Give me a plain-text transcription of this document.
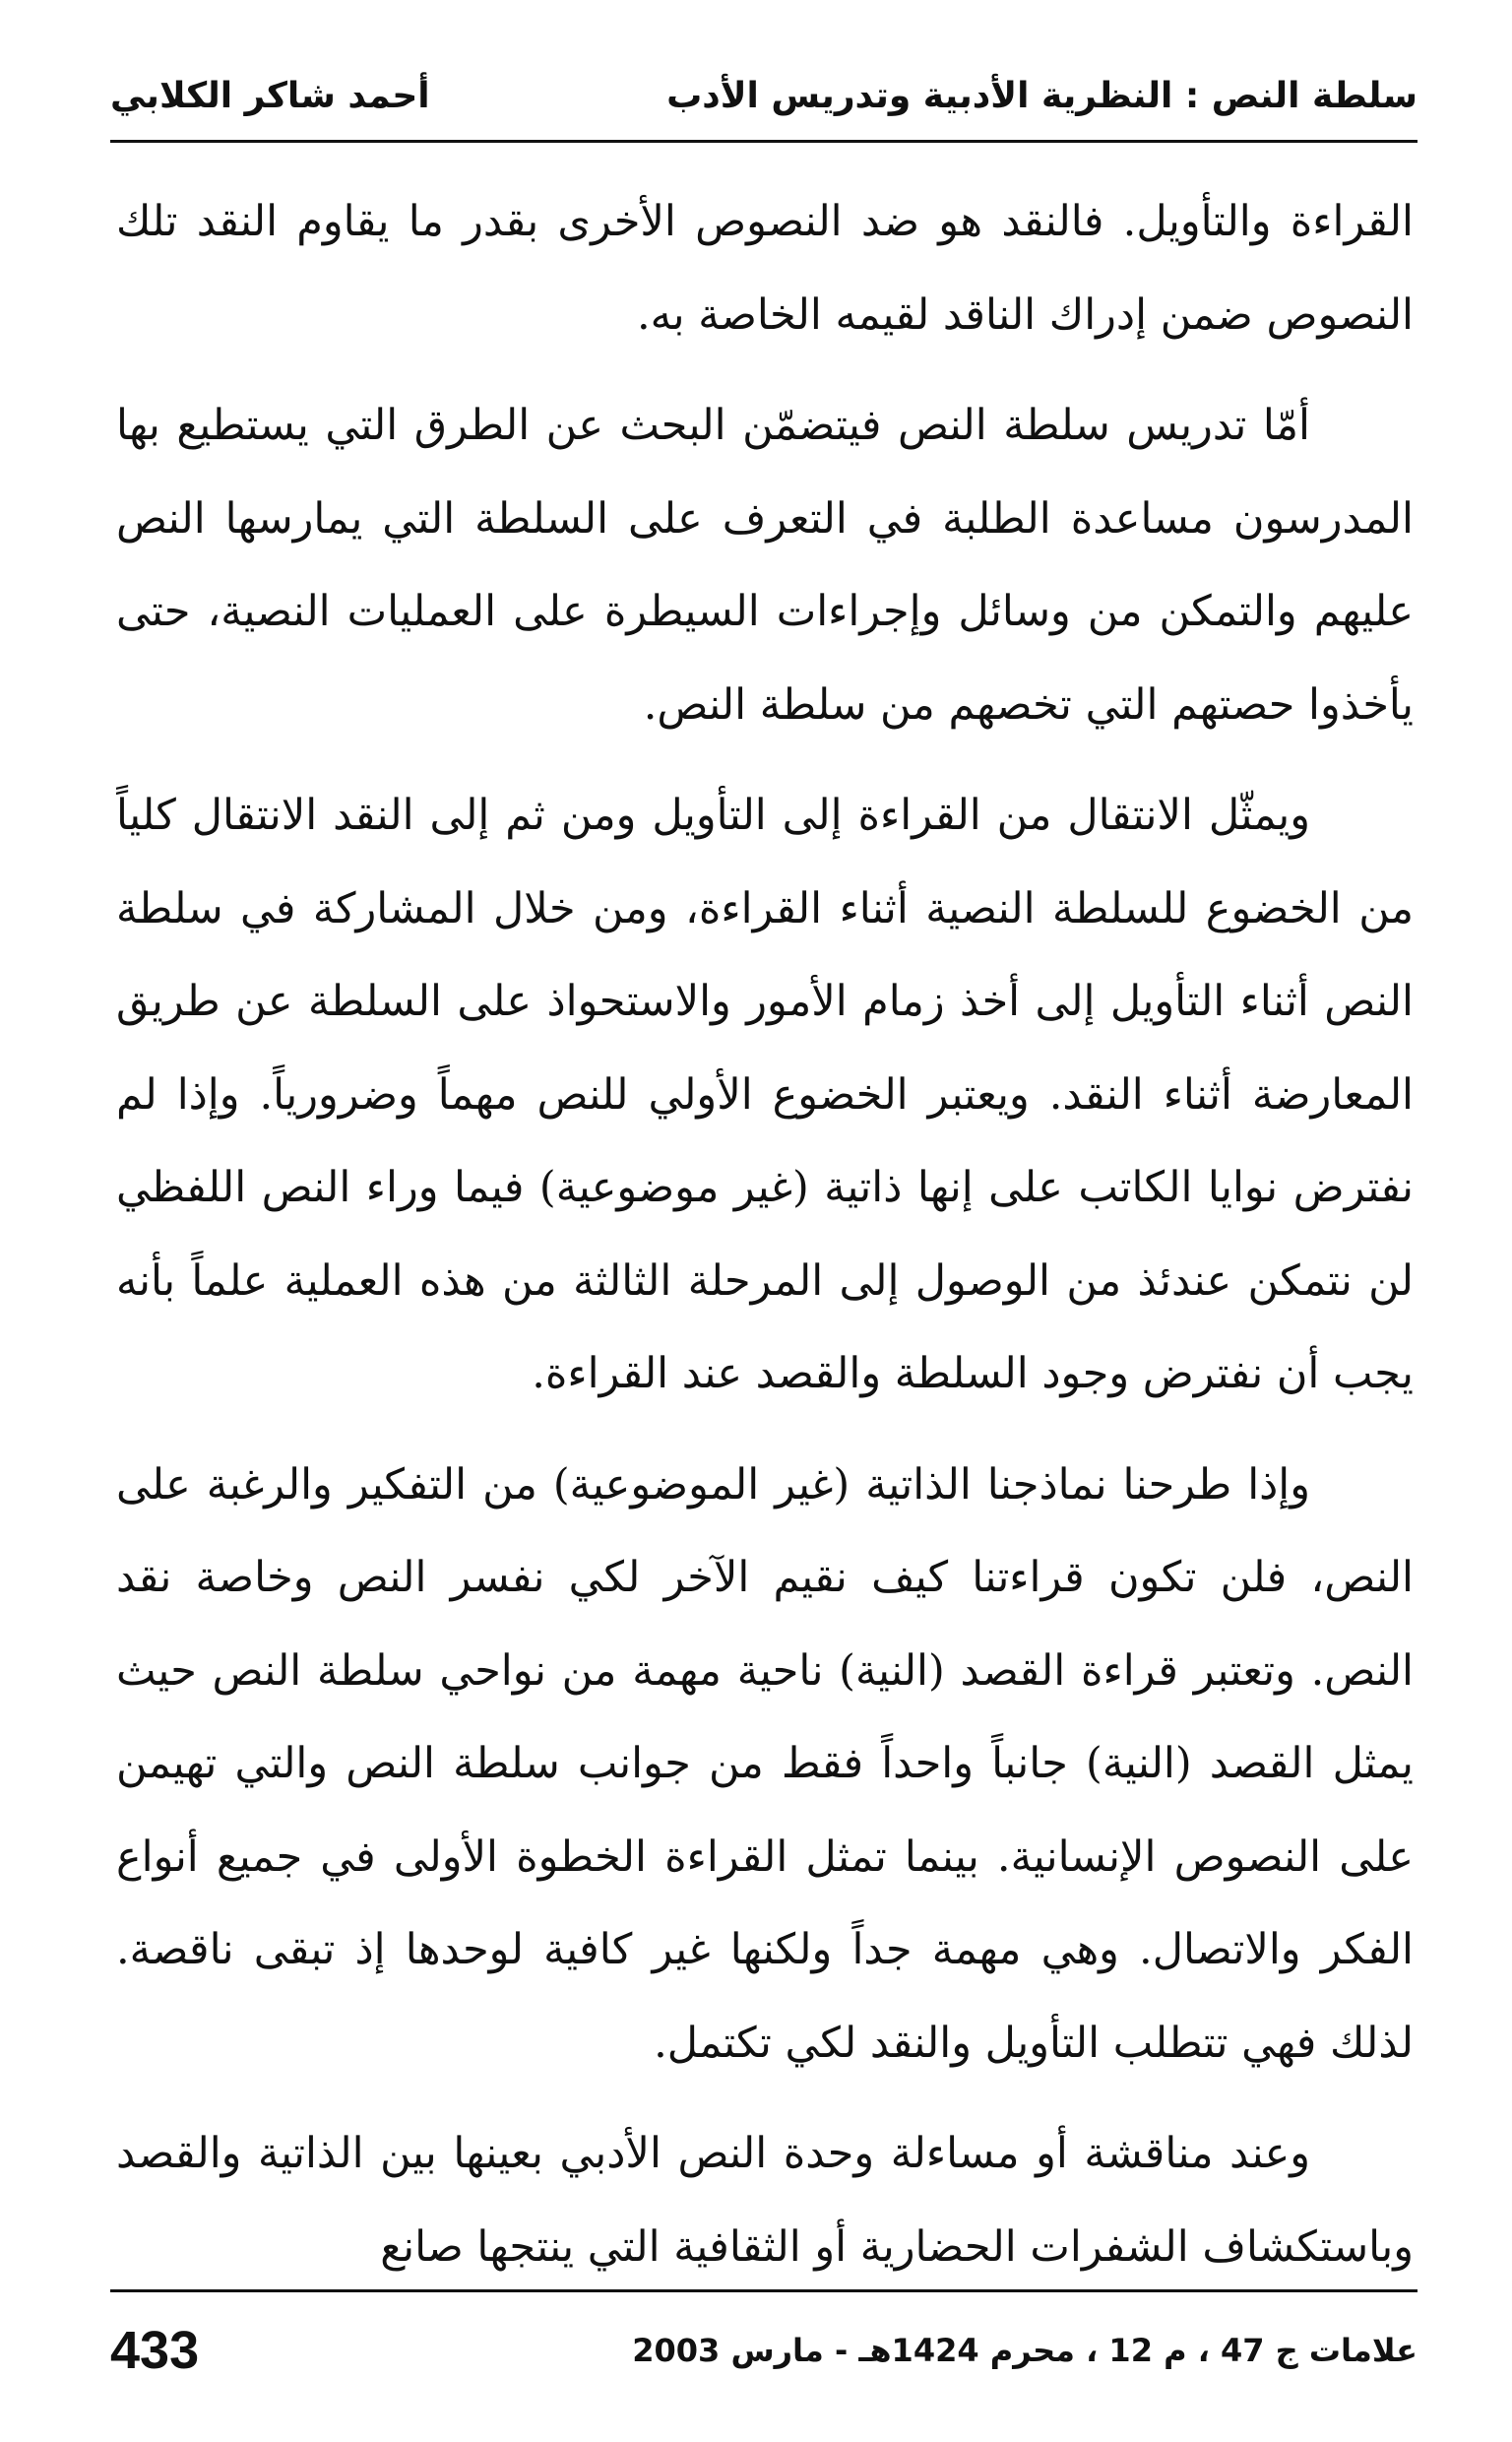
سلطة النص : النظرية الأدبية وتدريس الأدب
أحمد شاكر الكلابي

القراءة والتأويل. فالنقد هو ضد النصوص الأخرى بقدر ما يقاوم النقد تلك النصوص ضمن إدراك الناقد لقيمه الخاصة به.

أمّا تدريس سلطة النص فيتضمّن البحث عن الطرق التي يستطيع بها المدرسون مساعدة الطلبة في التعرف على السلطة التي يمارسها النص عليهم والتمكن من وسائل وإجراءات السيطرة على العمليات النصية، حتى يأخذوا حصتهم التي تخصهم من سلطة النص.

ويمثّل الانتقال من القراءة إلى التأويل ومن ثم إلى النقد الانتقال كلياً من الخضوع للسلطة النصية أثناء القراءة، ومن خلال المشاركة في سلطة النص أثناء التأويل إلى أخذ زمام الأمور والاستحواذ على السلطة عن طريق المعارضة أثناء النقد. ويعتبر الخضوع الأولي للنص مهماً وضرورياً. وإذا لم نفترض نوايا الكاتب على إنها ذاتية (غير موضوعية) فيما وراء النص اللفظي لن نتمكن عندئذ من الوصول إلى المرحلة الثالثة من هذه العملية علماً بأنه يجب أن نفترض وجود السلطة والقصد عند القراءة.

وإذا طرحنا نماذجنا الذاتية (غير الموضوعية) من التفكير والرغبة على النص، فلن تكون قراءتنا كيف نقيم الآخر لكي نفسر النص وخاصة نقد النص. وتعتبر قراءة القصد (النية) ناحية مهمة من نواحي سلطة النص حيث يمثل القصد (النية) جانباً واحداً فقط من جوانب سلطة النص والتي تهيمن على النصوص الإنسانية. بينما تمثل القراءة الخطوة الأولى في جميع أنواع الفكر والاتصال. وهي مهمة جداً ولكنها غير كافية لوحدها إذ تبقى ناقصة. لذلك فهي تتطلب التأويل والنقد لكي تكتمل.

وعند مناقشة أو مساءلة وحدة النص الأدبي بعينها بين الذاتية والقصد وباستكشاف الشفرات الحضارية أو الثقافية التي ينتجها صانع

علامات ج 47 ، م 12 ، محرم 1424هـ - مارس 2003
433
